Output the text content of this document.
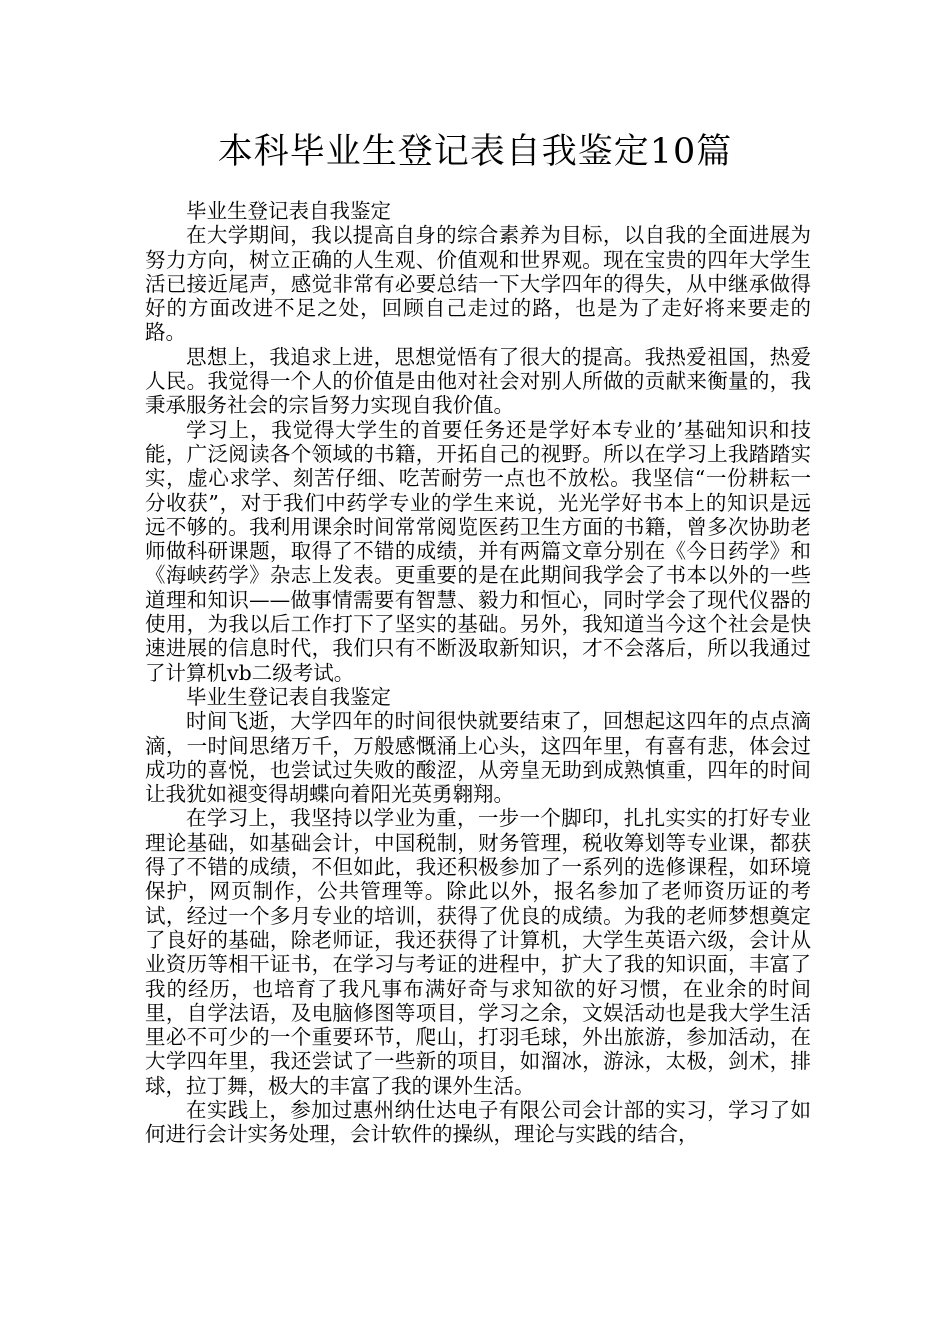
本科毕业生登记表自我鉴定10篇

毕业生登记表自我鉴定

在大学期间，我以提高自身的综合素养为目标，以自我的全面进展为努力方向，树立正确的人生观、价值观和世界观。现在宝贵的四年大学生活已接近尾声，感觉非常有必要总结一下大学四年的得失，从中继承做得好的方面改进不足之处，回顾自己走过的路，也是为了走好将来要走的路。

思想上，我追求上进，思想觉悟有了很大的提高。我热爱祖国，热爱人民。我觉得一个人的价值是由他对社会对别人所做的贡献来衡量的，我秉承服务社会的宗旨努力实现自我价值。

学习上，我觉得大学生的首要任务还是学好本专业的’基础知识和技能，广泛阅读各个领域的书籍，开拓自己的视野。所以在学习上我踏踏实实，虚心求学、刻苦仔细、吃苦耐劳一点也不放松。我坚信“一份耕耘一分收获”，对于我们中药学专业的学生来说，光光学好书本上的知识是远远不够的。我利用课余时间常常阅览医药卫生方面的书籍，曾多次协助老师做科研课题，取得了不错的成绩，并有两篇文章分别在《今日药学》和《海峡药学》杂志上发表。更重要的是在此期间我学会了书本以外的一些道理和知识——做事情需要有智慧、毅力和恒心，同时学会了现代仪器的使用，为我以后工作打下了坚实的基础。另外，我知道当今这个社会是快速进展的信息时代，我们只有不断汲取新知识，才不会落后，所以我通过了计算机vb二级考试。

毕业生登记表自我鉴定

时间飞逝，大学四年的时间很快就要结束了，回想起这四年的点点滴滴，一时间思绪万千，万般感慨涌上心头，这四年里，有喜有悲，体会过成功的喜悦，也尝试过失败的酸涩，从旁皇无助到成熟慎重，四年的时间让我犹如褪变得胡蝶向着阳光英勇翱翔。

在学习上，我坚持以学业为重，一步一个脚印，扎扎实实的打好专业理论基础，如基础会计，中国税制，财务管理，税收筹划等专业课，都获得了不错的成绩，不但如此，我还积极参加了一系列的选修课程，如环境保护，网页制作，公共管理等。除此以外，报名参加了老师资历证的考试，经过一个多月专业的培训，获得了优良的成绩。为我的老师梦想奠定了良好的基础，除老师证，我还获得了计算机，大学生英语六级，会计从业资历等相干证书，在学习与考证的进程中，扩大了我的知识面，丰富了我的经历，也培育了我凡事布满好奇与求知欲的好习惯，在业余的时间里，自学法语，及电脑修图等项目，学习之余，文娱活动也是我大学生活里必不可少的一个重要环节，爬山，打羽毛球，外出旅游，参加活动，在大学四年里，我还尝试了一些新的项目，如溜冰，游泳，太极，剑术，排球，拉丁舞，极大的丰富了我的课外生活。

在实践上，参加过惠州纳仕达电子有限公司会计部的实习，学习了如何进行会计实务处理，会计软件的操纵，理论与实践的结合，
